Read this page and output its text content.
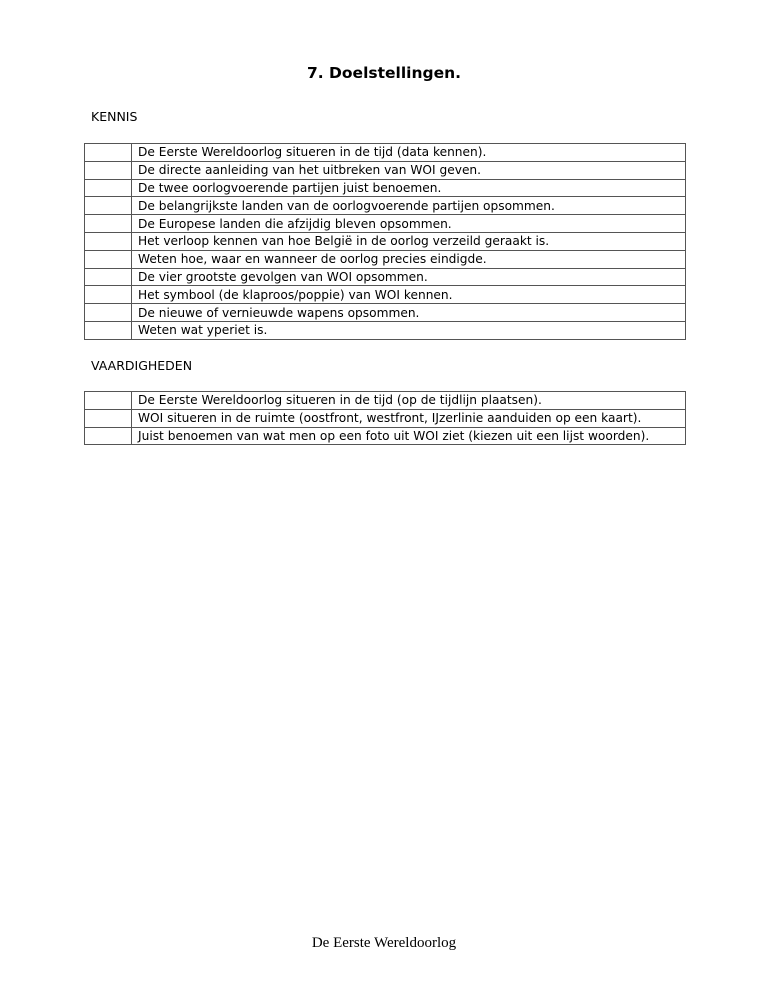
7. Doelstellingen.
KENNIS
	De Eerste Wereldoorlog situeren in de tijd (data kennen).
	De directe aanleiding van het uitbreken van WOI geven.
	De twee oorlogvoerende partijen juist benoemen.
	De belangrijkste landen van de oorlogvoerende partijen opsommen.
	De Europese landen die afzijdig bleven opsommen.
	Het verloop kennen van hoe België in de oorlog verzeild geraakt is.
	Weten hoe, waar en wanneer de oorlog precies eindigde.
	De vier grootste gevolgen van WOI opsommen.
	Het symbool (de klaproos/poppie) van WOI kennen.
	De nieuwe of vernieuwde wapens opsommen.
	Weten wat yperiet is.
VAARDIGHEDEN
	De Eerste Wereldoorlog situeren in de tijd (op de tijdlijn plaatsen).
	WOI situeren in de ruimte (oostfront, westfront, IJzerlinie aanduiden op een kaart).
	Juist benoemen van wat men op een foto uit WOI ziet (kiezen uit een lijst woorden).
De Eerste Wereldoorlog
